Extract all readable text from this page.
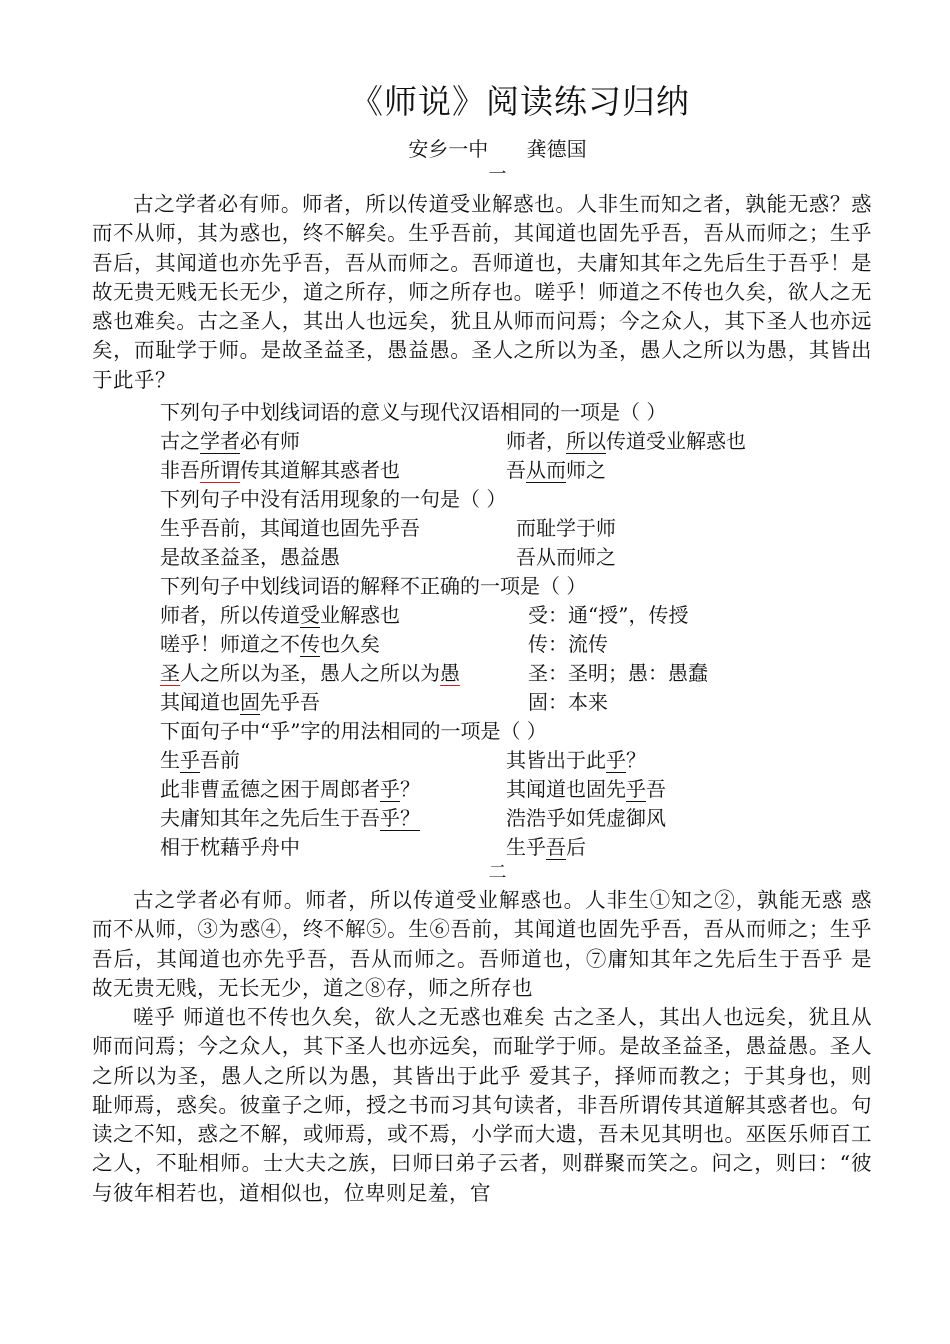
《师说》阅读练习归纳
安乡一中 龚德国
一
古之学者必有师。师者，所以传道受业解惑也。人非生而知之者，孰能无惑？惑而不从师，其为惑也，终不解矣。生乎吾前，其闻道也固先乎吾，吾从而师之；生乎吾后，其闻道也亦先乎吾，吾从而师之。吾师道也，夫庸知其年之先后生于吾乎！是故无贵无贱无长无少，道之所存，师之所存也。嗟乎！师道之不传也久矣，欲人之无惑也难矣。古之圣人，其出人也远矣，犹且从师而问焉；今之众人，其下圣人也亦远矣，而耻学于师。是故圣益圣，愚益愚。圣人之所以为圣，愚人之所以为愚，其皆出于此乎？
下列句子中划线词语的意义与现代汉语相同的一项是（ ）
古之学者必有师	师者，所以传道受业解惑也
非吾所谓传其道解其惑者也	吾从而师之
下列句子中没有活用现象的一句是（ ）
生乎吾前，其闻道也固先乎吾	而耻学于师
是故圣益圣，愚益愚	吾从而师之
下列句子中划线词语的解释不正确的一项是（ ）
师者，所以传道受业解惑也	受：通“授”，传授
嗟乎！师道之不传也久矣	传：流传
圣人之所以为圣，愚人之所以为愚	圣：圣明；愚：愚蠢
其闻道也固先乎吾	固：本来
下面句子中“乎”字的用法相同的一项是（ ）
生乎吾前	其皆出于此乎？
此非曹孟德之困于周郎者乎？	其闻道也固先乎吾
夫庸知其年之先后生于吾乎？	浩浩乎如凭虚御风
相于枕藉乎舟中	生乎吾后
二
古之学者必有师。师者，所以传道受业解惑也。人非生①知之②，孰能无惑 惑而不从师，③为惑④，终不解⑤。生⑥吾前，其闻道也固先乎吾，吾从而师之；生乎吾后，其闻道也亦先乎吾，吾从而师之。吾师道也，⑦庸知其年之先后生于吾乎 是故无贵无贱，无长无少，道之⑧存，师之所存也
嗟乎 师道也不传也久矣，欲人之无惑也难矣 古之圣人，其出人也远矣，犹且从师而问焉；今之众人，其下圣人也亦远矣，而耻学于师。是故圣益圣，愚益愚。圣人之所以为圣，愚人之所以为愚，其皆出于此乎 爱其子，择师而教之；于其身也，则耻师焉，惑矣。彼童子之师，授之书而习其句读者，非吾所谓传其道解其惑者也。句读之不知，惑之不解，或师焉，或不焉，小学而大遗，吾未见其明也。巫医乐师百工之人，不耻相师。士大夫之族，曰师曰弟子云者，则群聚而笑之。问之，则曰：“彼与彼年相若也，道相似也，位卑则足羞，官
